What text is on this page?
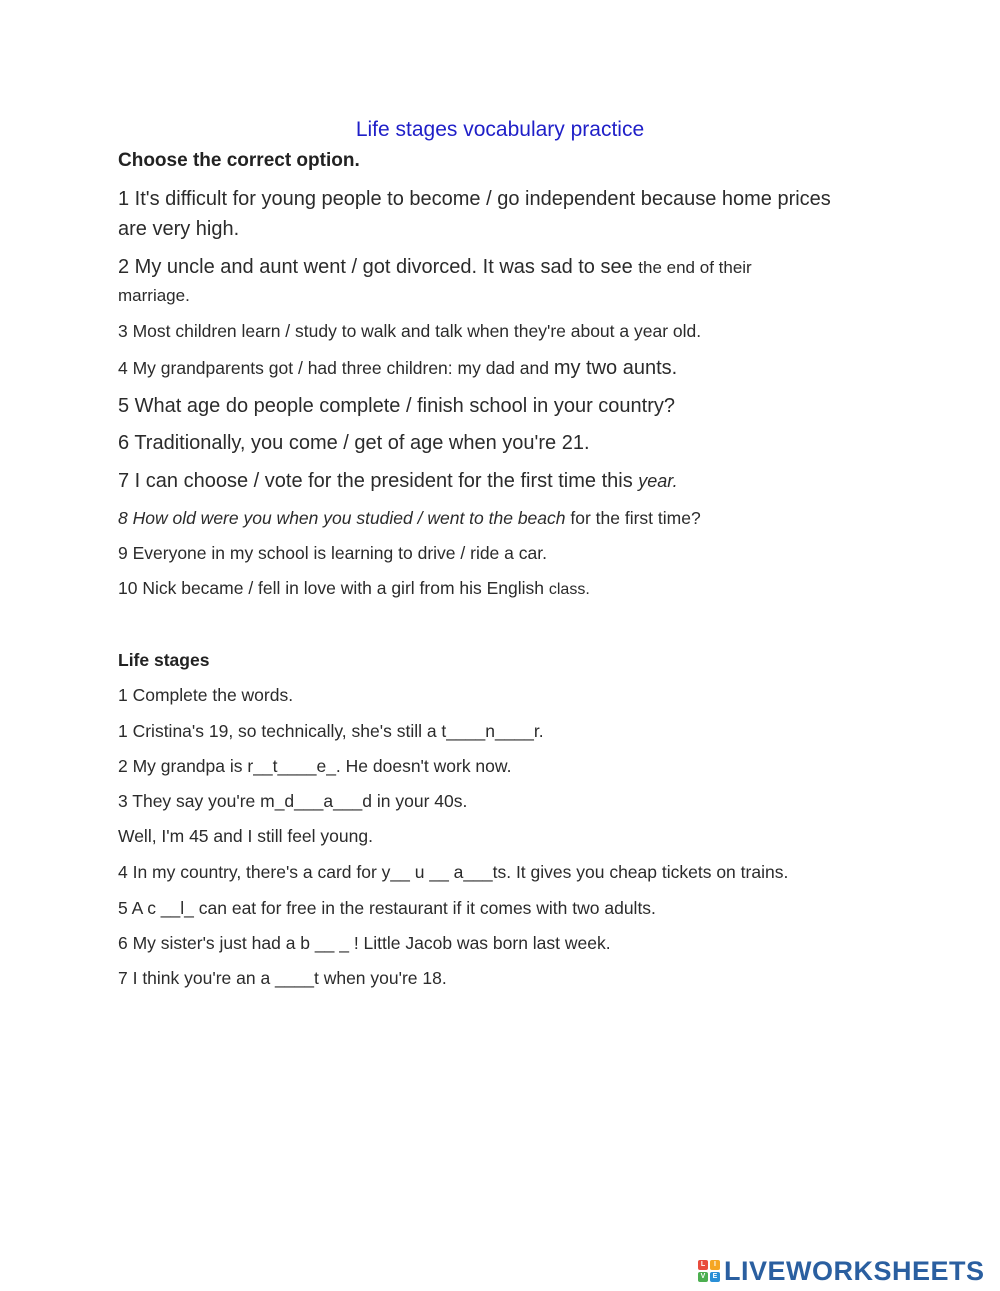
Life stages vocabulary practice
Choose the correct option.
1 It's difficult for young people to become / go independent because home prices
are very high.
2 My uncle and aunt went / got divorced. It was sad to see the end of their
marriage.
3 Most children learn / study to walk and talk when they're about a year old.
4 My grandparents got / had three children: my dad and my two aunts.
5 What age do people complete / finish school in your country?
6 Traditionally, you come / get of age when you're 21.
7 I can choose / vote for the president for the first time this year.
8 How old were you when you studied / went to the beach for the first time?
9 Everyone in my school is learning to drive / ride a car.
10 Nick became / fell in love with a girl from his English class.
Life stages
1 Complete the words.
1 Cristina's 19, so technically, she's still a t____n____r.
2 My grandpa is r__t____e_. He doesn't work now.
3 They say you're m_d___a___d in your 40s.
Well, I'm 45 and I still feel young.
4 In my country, there's a card for y__ u __ a___ts. It gives you cheap tickets on trains.
5 A c __l_ can eat for free in the restaurant if it comes with two adults.
6 My sister's just had a b __ _ ! Little Jacob was born last week.
7 I think you're an a ____t when you're 18.
L	I
V	E LIVEWORKSHEETS
